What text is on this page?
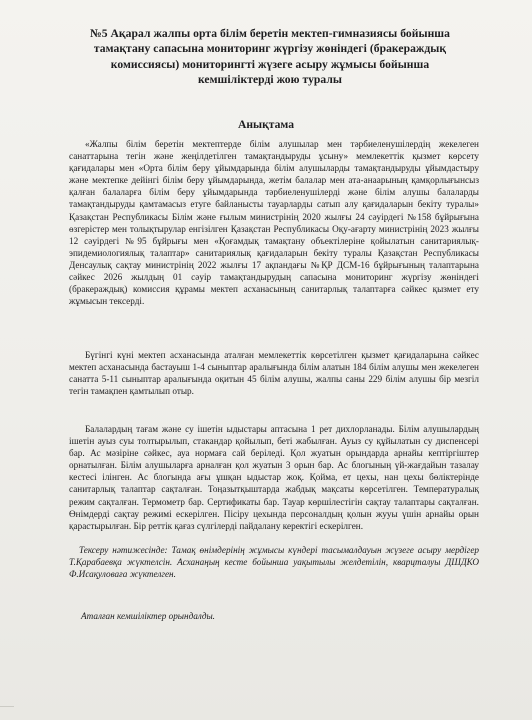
№5 Ақарал жалпы орта білім беретін мектеп-гимназиясы бойынша
тамақтану сапасына мониторинг жүргізу жөніндегі (бракераждық
комиссиясы) мониторингті жүзеге асыру жұмысы бойынша
кемшіліктерді жою туралы
Анықтама

«Жалпы білім беретін мектептерде білім алушылар мен тәрбиеленушілердің жекелеген санаттарына тегін және жеңілдетілген тамақтандыруды ұсыну» мемлекеттік қызмет көрсету қағидалары мен «Орта білім беру ұйымдарында білім алушыларды тамақтандыруды ұйымдастыру және мектепке дейінгі білім беру ұйымдарында, жетім балалар мен ата-анаарының қамқорлығынсыз қалған балаларға білім беру ұйымдарында тәрбиеленушілерді және білім алушы балаларды тамақтандыруды қамтамасыз етуге байланысты тауарларды сатып алу қағидаларын бекіту туралы» Қазақстан Республикасы Білім және ғылым министрінің 2020 жылғы 24 сәуірдегі №158 бұйрығына өзгерістер мен толықтырулар енгізілген Қазақстан Республикасы Оқу-ағарту министрінің 2023 жылғы 12 сәуірдегі №95 бұйрығы мен «Қоғамдық тамақтану объектілеріне қойылатын санитариялық-эпидемиологиялық талаптар» санитариялық қағидаларын бекіту туралы Қазақстан Республикасы Денсаулық сақтау министрінің 2022 жылғы 17 ақпандағы №ҚР ДСМ-16 бұйрығының талаптарына сәйкес 2026 жылдың 01 сәуір тамақтандырудың сапасына мониторинг жүргізу жөніндегі (бракераждық) комиссия құрамы мектеп асханасының санитарлық талаптарға сәйкес қызмет ету жұмысын тексерді.

Бүгінгі күні мектеп асханасында аталған мемлекеттік көрсетілген қызмет қағидаларына сәйкес мектеп асханасында бастауыш 1-4 сыныптар аралығында білім алатын 184 білім алушы мен жекелеген санатта 5-11 сыныптар аралығында оқитын 45 білім алушы, жалпы саны 229 білім алушы бір мезгіл тегін тамақпен қамтылып отыр.

Балалардың тағам және су ішетін ыдыстары аптасына 1 рет дихлорланады. Білім алушылардың ішетін ауыз суы толтырылып, стакандар қойылып, беті жабылған. Ауыз су құйылатын су диспенсері бар. Ас мәзіріне сәйкес, ауа нормаға сай беріледі. Қол жуатын орындарда арнайы кептіргіштер орнатылған. Білім алушыларға арналған қол жуатын 3 орын бар. Ас блогының үй-жағдайын тазалау кестесі ілінген. Ас блогында ағы ұшқан ыдыстар жоқ. Қойма, ет цехы, нан цехы бөліктерінде санитарлық талаптар сақталған. Тоңазытқыштарда жабдық мақсаты көрсетілген. Температуралық режим сақталған. Термометр бар. Сертификаты бар. Тауар көршілестігін сақтау талаптары сақталған. Өнімдерді сақтау режимі ескерілген. Пісіру цехында персоналдың қолын жууы үшін арнайы орын қарастырылған. Бір реттік қағаз сүлгілерді пайдалану керектігі ескерілген.

Тексеру нәтижесінде: Тамақ өнімдерінің жұмысы күндері тасымалдауын жүзеге асыру мердігер Т.Қарабаевқа жүктелсін. Асханаңың кесте бойынша уақытылы желдетілін, кварцталуы ДШДКО Ф.Исақуловаға жүктелген.

Аталған кемшіліктер орындалды.
